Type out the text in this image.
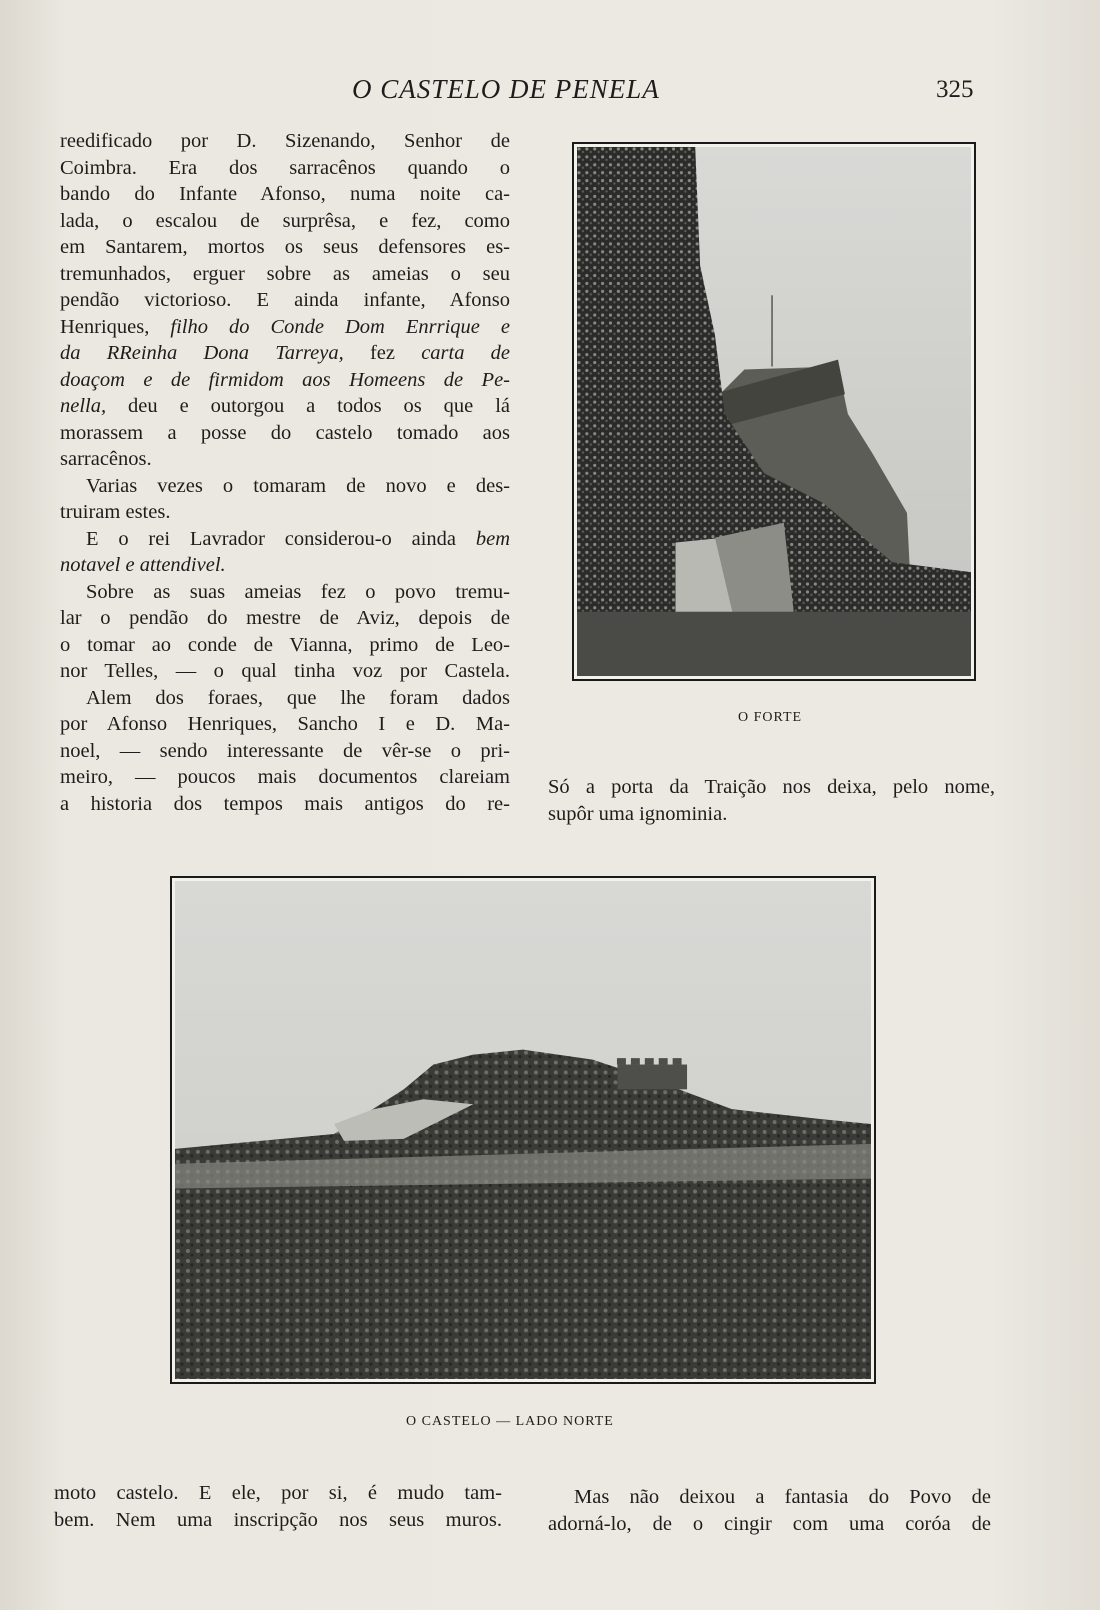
O CASTELO DE PENELA	325

reedificado por D. Sizenando, Senhor de

Coimbra. Era dos sarracênos quando o

bando do Infante Afonso, numa noite ca-

lada, o escalou de surprêsa, e fez, como

em Santarem, mortos os seus defensores es-

tremunhados, erguer sobre as ameias o seu

pendão victorioso. E ainda infante, Afonso

Henriques, filho do Conde Dom Enrrique e

da RReinha Dona Tarreya, fez carta de

doaçom e de firmidom aos Homeens de Pe-

nella, deu e outorgou a todos os que lá

morassem a posse do castelo tomado aos

sarracênos.

Varias vezes o tomaram de novo e des-

truiram estes.

E o rei Lavrador considerou-o ainda bem

notavel e attendivel.

Sobre as suas ameias fez o povo tremu-

lar o pendão do mestre de Aviz, depois de

o tomar ao conde de Vianna, primo de Leo-

nor Telles, — o qual tinha voz por Castela.

Alem dos foraes, que lhe foram dados

por Afonso Henriques, Sancho I e D. Ma-

noel, — sendo interessante de vêr-se o pri-

meiro, — poucos mais documentos clareiam

a historia dos tempos mais antigos do re-

O FORTE

Só a porta da Traição nos deixa, pelo nome,

supôr uma ignominia.

O CASTELO — LADO NORTE

moto castelo. E ele, por si, é mudo tam-

bem. Nem uma inscripção nos seus muros.

Mas não deixou a fantasia do Povo de

adorná-lo, de o cingir com uma coróa de
